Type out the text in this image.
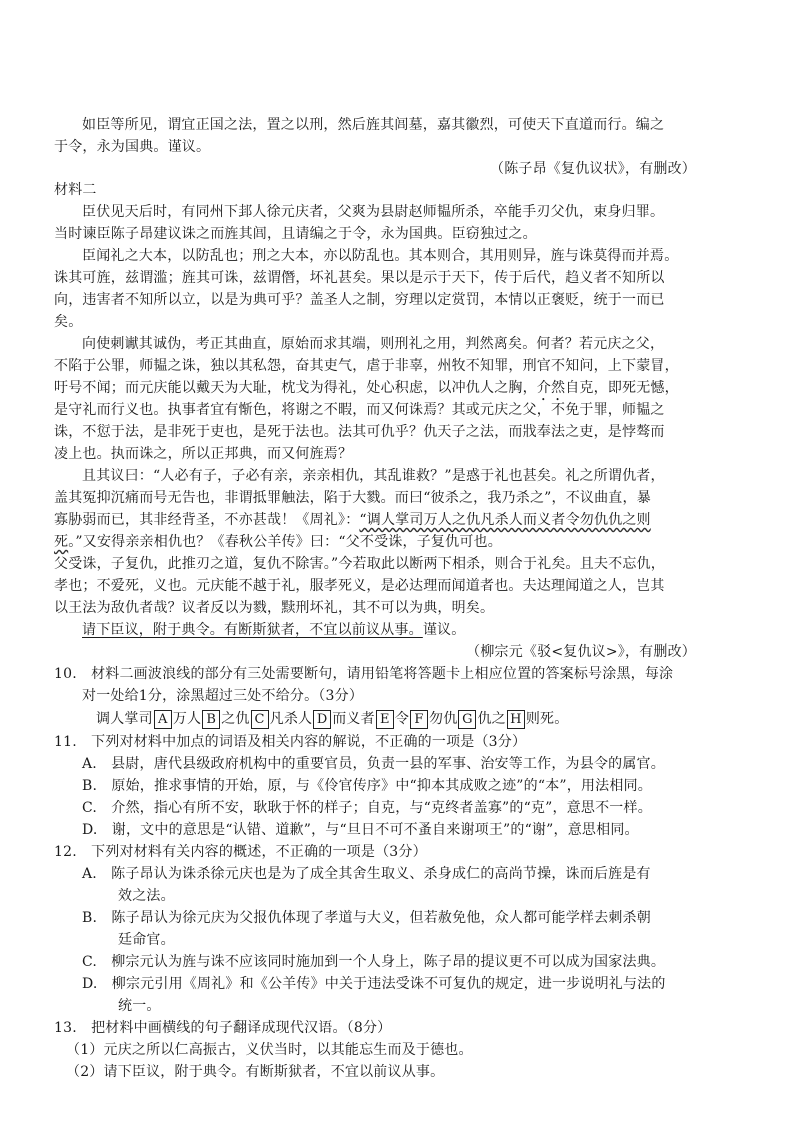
如臣等所见，谓宜正国之法，置之以刑，然后旌其闾墓，嘉其徽烈，可使天下直道而行。编之
于令，永为国典。谨议。
（陈子昂《复仇议状》，有删改）
材料二
臣伏见天后时，有同州下邽人徐元庆者，父爽为县尉赵师韫所杀，卒能手刃父仇，束身归罪。
当时谏臣陈子昂建议诛之而旌其闾，且请编之于令，永为国典。臣窃独过之。
臣闻礼之大本，以防乱也；刑之大本，亦以防乱也。其本则合，其用则异，旌与诛莫得而并焉。
诛其可旌，兹谓滥；旌其可诛，兹谓僭，坏礼甚矣。果以是示于天下，传于后代，趋义者不知所以
向，违害者不知所以立，以是为典可乎？盖圣人之制，穷理以定赏罚，本情以正褒贬，统于一而已
矣。
向使刺谳其诚伪，考正其曲直，原始而求其端，则刑礼之用，判然离矣。何者？若元庆之父，
不陷于公罪，师韫之诛，独以其私怨，奋其吏气，虐于非辜，州牧不知罪，刑官不知问，上下蒙冒，
吁号不闻；而元庆能以戴天为大耻，枕戈为得礼，处心积虑，以冲仇人之胸，介然自克，即死无憾，
是守礼而行义也。执事者宜有惭色，将谢之不暇，而又何诛焉？其或元庆之父，不免于罪，师韫之
诛，不愆于法，是非死于吏也，是死于法也。法其可仇乎？仇天子之法，而戕奉法之吏，是悖骜而
凌上也。执而诛之，所以正邦典，而又何旌焉？
且其议曰：“人必有子，子必有亲，亲亲相仇，其乱谁救？”是惑于礼也甚矣。礼之所谓仇者，
盖其冤抑沉痛而号无告也，非谓抵罪触法，陷于大戮。而曰“彼杀之，我乃杀之”，不议曲直，暴
寡胁弱而已，其非经背圣，不亦甚哉！《周礼》：“调人掌司万人之仇凡杀人而义者令勿仇仇之则
死。”又安得亲亲相仇也？《春秋公羊传》曰：“父不受诛，子复仇可也。
父受诛，子复仇，此推刃之道，复仇不除害。”今若取此以断两下相杀，则合于礼矣。且夫不忘仇，
孝也；不爱死，义也。元庆能不越于礼，服孝死义，是必达理而闻道者也。夫达理闻道之人，岂其
以王法为敌仇者哉？议者反以为戮，黩刑坏礼，其不可以为典，明矣。
请下臣议，附于典令。有断斯狱者，不宜以前议从事。谨议。
（柳宗元《驳<复仇议>》，有删改）
10.　材料二画波浪线的部分有三处需要断句，请用铅笔将答题卡上相应位置的答案标号涂黑，每涂
对一处给1分，涂黑超过三处不给分。（3分）
调人掌司 A 万人 B 之仇 C 凡杀人 D 而义者 E 令 F 勿仇 G 仇之 H 则死。
11.　下列对材料中加点的词语及相关内容的解说，不正确的一项是（3分）
A.　县尉，唐代县级政府机构中的重要官员，负责一县的军事、治安等工作，为县令的属官。
B.　原始，推求事情的开始，原，与《伶官传序》中“抑本其成败之迹”的“本”，用法相同。
C.　介然，指心有所不安，耿耿于怀的样子；自克，与“克终者盖寡”的“克”，意思不一样。
D.　谢，文中的意思是“认错、道歉”，与“旦日不可不蚤自来谢项王”的“谢”，意思相同。
12.　下列对材料有关内容的概述，不正确的一项是（3分）
A.　陈子昂认为诛杀徐元庆也是为了成全其舍生取义、杀身成仁的高尚节操，诛而后旌是有
效之法。
B.　陈子昂认为徐元庆为父报仇体现了孝道与大义，但若赦免他，众人都可能学样去刺杀朝
廷命官。
C.　柳宗元认为旌与诛不应该同时施加到一个人身上，陈子昂的提议更不可以成为国家法典。
D.　柳宗元引用《周礼》和《公羊传》中关于违法受诛不可复仇的规定，进一步说明礼与法的
统一。
13.　把材料中画横线的句子翻译成现代汉语。（8分）
（1）元庆之所以仁高振古，义伏当时，以其能忘生而及于德也。
（2）请下臣议，附于典令。有断斯狱者，不宜以前议从事。
